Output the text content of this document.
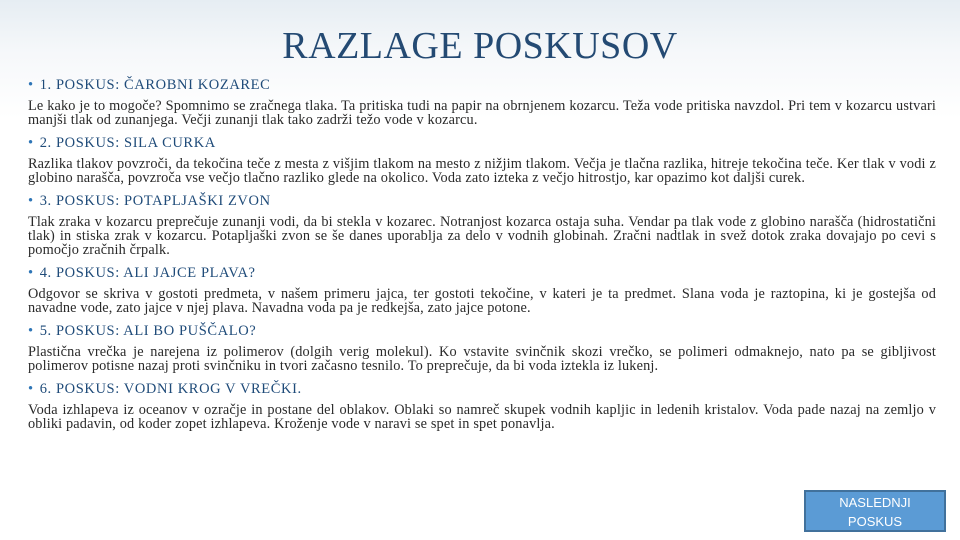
RAZLAGE POSKUSOV
• 1. POSKUS: ČAROBNI KOZAREC
Le kako je to mogoče? Spomnimo se zračnega tlaka. Ta pritiska tudi na papir na obrnjenem kozarcu. Teža vode pritiska navzdol. Pri tem v kozarcu ustvari manjši tlak od zunanjega. Večji zunanji tlak tako zadrži težo vode v kozarcu.
• 2. POSKUS: SILA CURKA
Razlika tlakov povzroči, da tekočina teče z mesta z višjim tlakom na mesto z nižjim tlakom. Večja je tlačna razlika, hitreje tekočina teče. Ker tlak v vodi z globino narašča, povzroča vse večjo tlačno razliko glede na okolico. Voda zato izteka z večjo hitrostjo, kar opazimo kot daljši curek.
• 3. POSKUS: POTAPLJAŠKI ZVON
Tlak zraka v kozarcu preprečuje zunanji vodi, da bi stekla v kozarec. Notranjost kozarca ostaja suha. Vendar pa tlak vode z globino narašča (hidrostatični tlak) in stiska zrak v kozarcu. Potapljaški zvon se še danes uporablja za delo v vodnih globinah. Zračni nadtlak in svež dotok zraka dovajajo po cevi s pomočjo zračnih črpalk.
• 4. POSKUS: ALI JAJCE PLAVA?
Odgovor se skriva v gostoti predmeta, v našem primeru jajca, ter gostoti tekočine, v kateri je ta predmet. Slana voda je raztopina, ki je gostejša od navadne vode, zato jajce v njej plava. Navadna voda pa je redkejša, zato jajce potone.
• 5. POSKUS: ALI BO PUŠČALO?
Plastična vrečka je narejena iz polimerov (dolgih verig molekul). Ko vstavite svinčnik skozi vrečko, se polimeri odmaknejo, nato pa se gibljivost polimerov potisne nazaj proti svinčniku in tvori začasno tesnilo. To preprečuje, da bi voda iztekla iz lukenj.
• 6. POSKUS: VODNI KROG V VREČKI.
Voda izhlapeva iz oceanov v ozračje in postane del oblakov. Oblaki so namreč skupek vodnih kapljic in ledenih kristalov. Voda pade nazaj na zemljo v obliki padavin, od koder zopet izhlapeva. Kroženje vode v naravi se spet in spet ponavlja.
NASLEDNJI
POSKUS
